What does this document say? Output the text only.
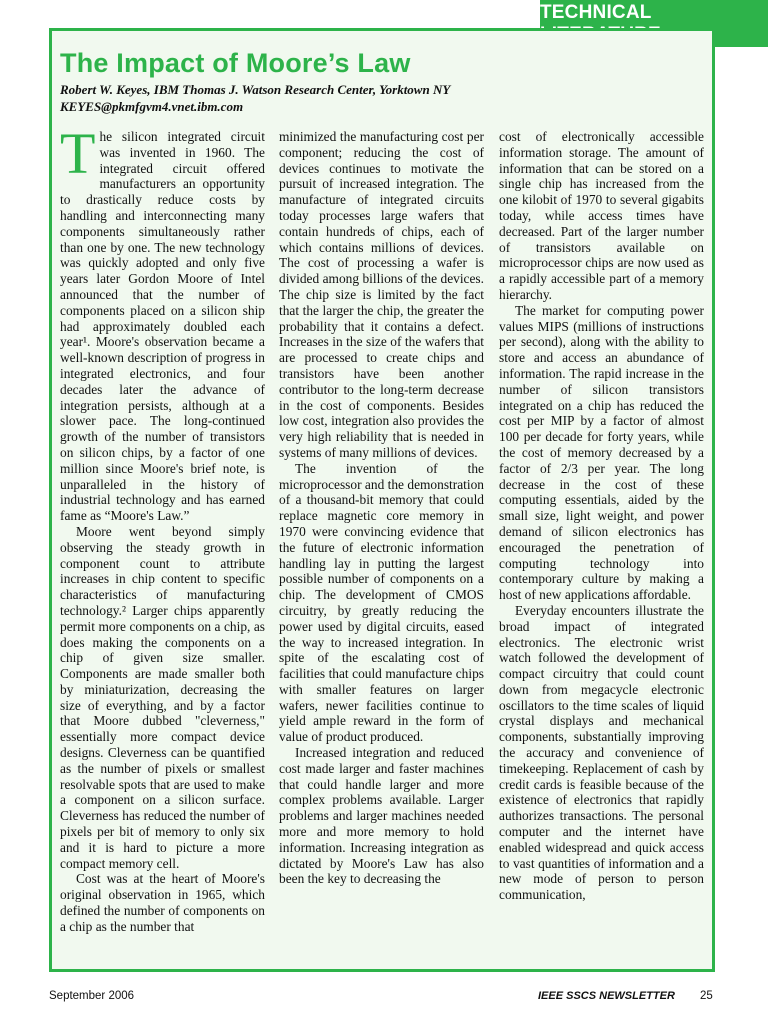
TECHNICAL
The Impact of Moore’s Law

Robert W. Keyes, IBM Thomas J. Watson Research Center, Yorktown NY

KEYES@pkmfgvm4.vnet.ibm.com

The silicon integrated circuit was invented in 1960. The integrated circuit offered manufacturers an opportunity to drastically reduce costs by handling and interconnecting many components simultaneously rather than one by one. The new technology was quickly adopted and only five years later Gordon Moore of Intel announced that the number of components placed on a silicon ship had approximately doubled each year¹. Moore's observation became a well-known description of progress in integrated electronics, and four decades later the advance of integration persists, although at a slower pace. The long-continued growth of the number of transistors on silicon chips, by a factor of one million since Moore's brief note, is unparalleled in the history of industrial technology and has earned fame as “Moore's Law.”

Moore went beyond simply observing the steady growth in component count to attribute increases in chip content to specific characteristics of manufacturing technology.² Larger chips apparently permit more components on a chip, as does making the components on a chip of given size smaller. Components are made smaller both by miniaturization, decreasing the size of everything, and by a factor that Moore dubbed "cleverness," essentially more compact device designs. Cleverness can be quantified as the number of pixels or smallest resolvable spots that are used to make a component on a silicon surface. Cleverness has reduced the number of pixels per bit of memory to only six and it is hard to picture a more compact memory cell.

Cost was at the heart of Moore's original observation in 1965, which defined the number of components on a chip as the number that

minimized the manufacturing cost per component; reducing the cost of devices continues to motivate the pursuit of increased integration. The manufacture of integrated circuits today processes large wafers that contain hundreds of chips, each of which contains millions of devices. The cost of processing a wafer is divided among billions of the devices. The chip size is limited by the fact that the larger the chip, the greater the probability that it contains a defect. Increases in the size of the wafers that are processed to create chips and transistors have been another contributor to the long-term decrease in the cost of components. Besides low cost, integration also provides the very high reliability that is needed in systems of many millions of devices.

The invention of the microprocessor and the demonstration of a thousand-bit memory that could replace magnetic core memory in 1970 were convincing evidence that the future of electronic information handling lay in putting the largest possible number of components on a chip. The development of CMOS circuitry, by greatly reducing the power used by digital circuits, eased the way to increased integration. In spite of the escalating cost of facilities that could manufacture chips with smaller features on larger wafers, newer facilities continue to yield ample reward in the form of value of product produced.

Increased integration and reduced cost made larger and faster machines that could handle larger and more complex problems available. Larger problems and larger machines needed more and more memory to hold information. Increasing integration as dictated by Moore's Law has also been the key to decreasing the

cost of electronically accessible information storage. The amount of information that can be stored on a single chip has increased from the one kilobit of 1970 to several gigabits today, while access times have decreased. Part of the larger number of transistors available on microprocessor chips are now used as a rapidly accessible part of a memory hierarchy.

The market for computing power values MIPS (millions of instructions per second), along with the ability to store and access an abundance of information. The rapid increase in the number of silicon transistors integrated on a chip has reduced the cost per MIP by a factor of almost 100 per decade for forty years, while the cost of memory decreased by a factor of 2/3 per year. The long decrease in the cost of these computing essentials, aided by the small size, light weight, and power demand of silicon electronics has encouraged the penetration of computing technology into contemporary culture by making a host of new applications affordable.

Everyday encounters illustrate the broad impact of integrated electronics. The electronic wrist watch followed the development of compact circuitry that could count down from megacycle electronic oscillators to the time scales of liquid crystal displays and mechanical components, substantially improving the accuracy and convenience of timekeeping. Replacement of cash by credit cards is feasible because of the existence of electronics that rapidly authorizes transactions. The personal computer and the internet have enabled widespread and quick access to vast quantities of information and a new mode of person to person communication,

September 2006	IEEE SSCS NEWSLETTER 25
